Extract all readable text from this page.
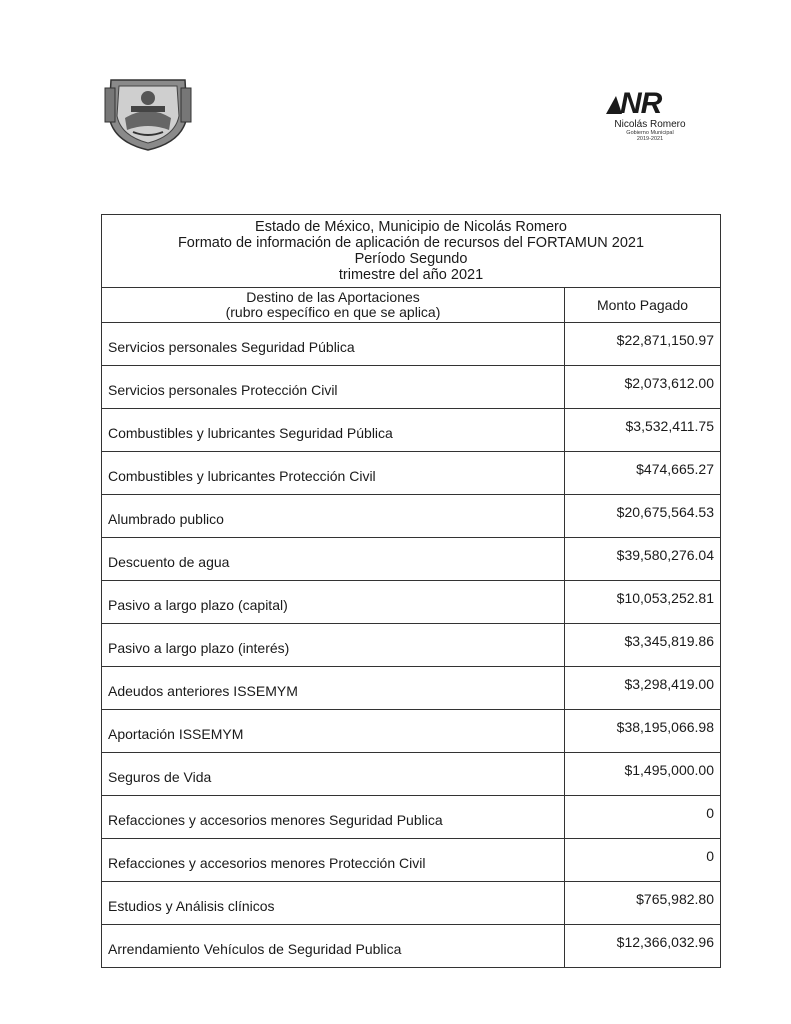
NR
Nicolás Romero
Gobierno Municipal
2019-2021
Estado de México, Municipio de Nicolás Romero
Formato de información de aplicación de recursos del FORTAMUN 2021
Período Segundo
trimestre del año 2021	

Destino de las Aportaciones
(rubro específico en que se aplica)	Monto Pagado
Servicios personales Seguridad Pública	$22,871,150.97
Servicios personales Protección Civil	$2,073,612.00
Combustibles y lubricantes Seguridad Pública	$3,532,411.75
Combustibles y lubricantes Protección Civil	$474,665.27
Alumbrado publico	$20,675,564.53
Descuento de agua	$39,580,276.04
Pasivo a largo plazo (capital)	$10,053,252.81
Pasivo a largo plazo (interés)	$3,345,819.86
Adeudos anteriores ISSEMYM	$3,298,419.00
Aportación ISSEMYM	$38,195,066.98
Seguros de Vida	$1,495,000.00
Refacciones y accesorios menores Seguridad Publica	0
Refacciones y accesorios menores Protección Civil	0
Estudios y Análisis clínicos	$765,982.80
Arrendamiento Vehículos de Seguridad Publica	$12,366,032.96
